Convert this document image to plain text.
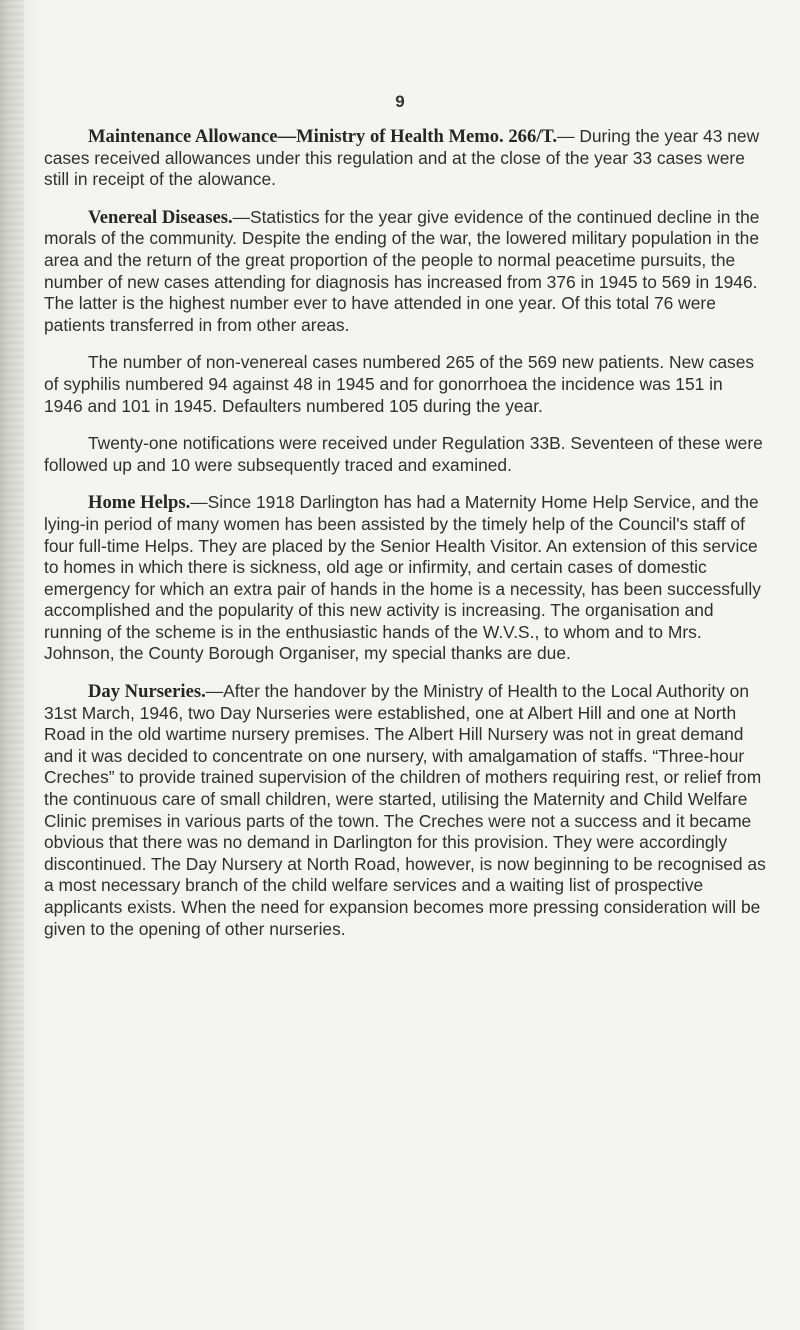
9

Maintenance Allowance—Ministry of Health Memo. 266/T.— During the year 43 new cases received allowances under this regulation and at the close of the year 33 cases were still in receipt of the alowance.

Venereal Diseases.—Statistics for the year give evidence of the continued decline in the morals of the community. Despite the ending of the war, the lowered military population in the area and the return of the great proportion of the people to normal peacetime pursuits, the number of new cases attending for diagnosis has increased from 376 in 1945 to 569 in 1946. The latter is the highest number ever to have attended in one year. Of this total 76 were patients transferred in from other areas.

The number of non-venereal cases numbered 265 of the 569 new patients. New cases of syphilis numbered 94 against 48 in 1945 and for gonorrhoea the incidence was 151 in 1946 and 101 in 1945. Defaulters numbered 105 during the year.

Twenty-one notifications were received under Regulation 33B. Seventeen of these were followed up and 10 were subsequently traced and examined.

Home Helps.—Since 1918 Darlington has had a Maternity Home Help Service, and the lying-in period of many women has been assisted by the timely help of the Council's staff of four full-time Helps. They are placed by the Senior Health Visitor. An extension of this service to homes in which there is sickness, old age or infirmity, and certain cases of domestic emergency for which an extra pair of hands in the home is a necessity, has been successfully accomplished and the popularity of this new activity is increasing. The organisation and running of the scheme is in the enthusiastic hands of the W.V.S., to whom and to Mrs. Johnson, the County Borough Organiser, my special thanks are due.

Day Nurseries.—After the handover by the Ministry of Health to the Local Authority on 31st March, 1946, two Day Nurseries were established, one at Albert Hill and one at North Road in the old wartime nursery premises. The Albert Hill Nursery was not in great demand and it was decided to concentrate on one nursery, with amalgamation of staffs. “Three-hour Creches” to provide trained supervision of the children of mothers requiring rest, or relief from the continuous care of small children, were started, utilising the Maternity and Child Welfare Clinic premises in various parts of the town. The Creches were not a success and it became obvious that there was no demand in Darlington for this provision. They were accordingly discontinued. The Day Nursery at North Road, however, is now beginning to be recognised as a most necessary branch of the child welfare services and a waiting list of prospective applicants exists. When the need for expansion becomes more pressing consideration will be given to the opening of other nurseries.
